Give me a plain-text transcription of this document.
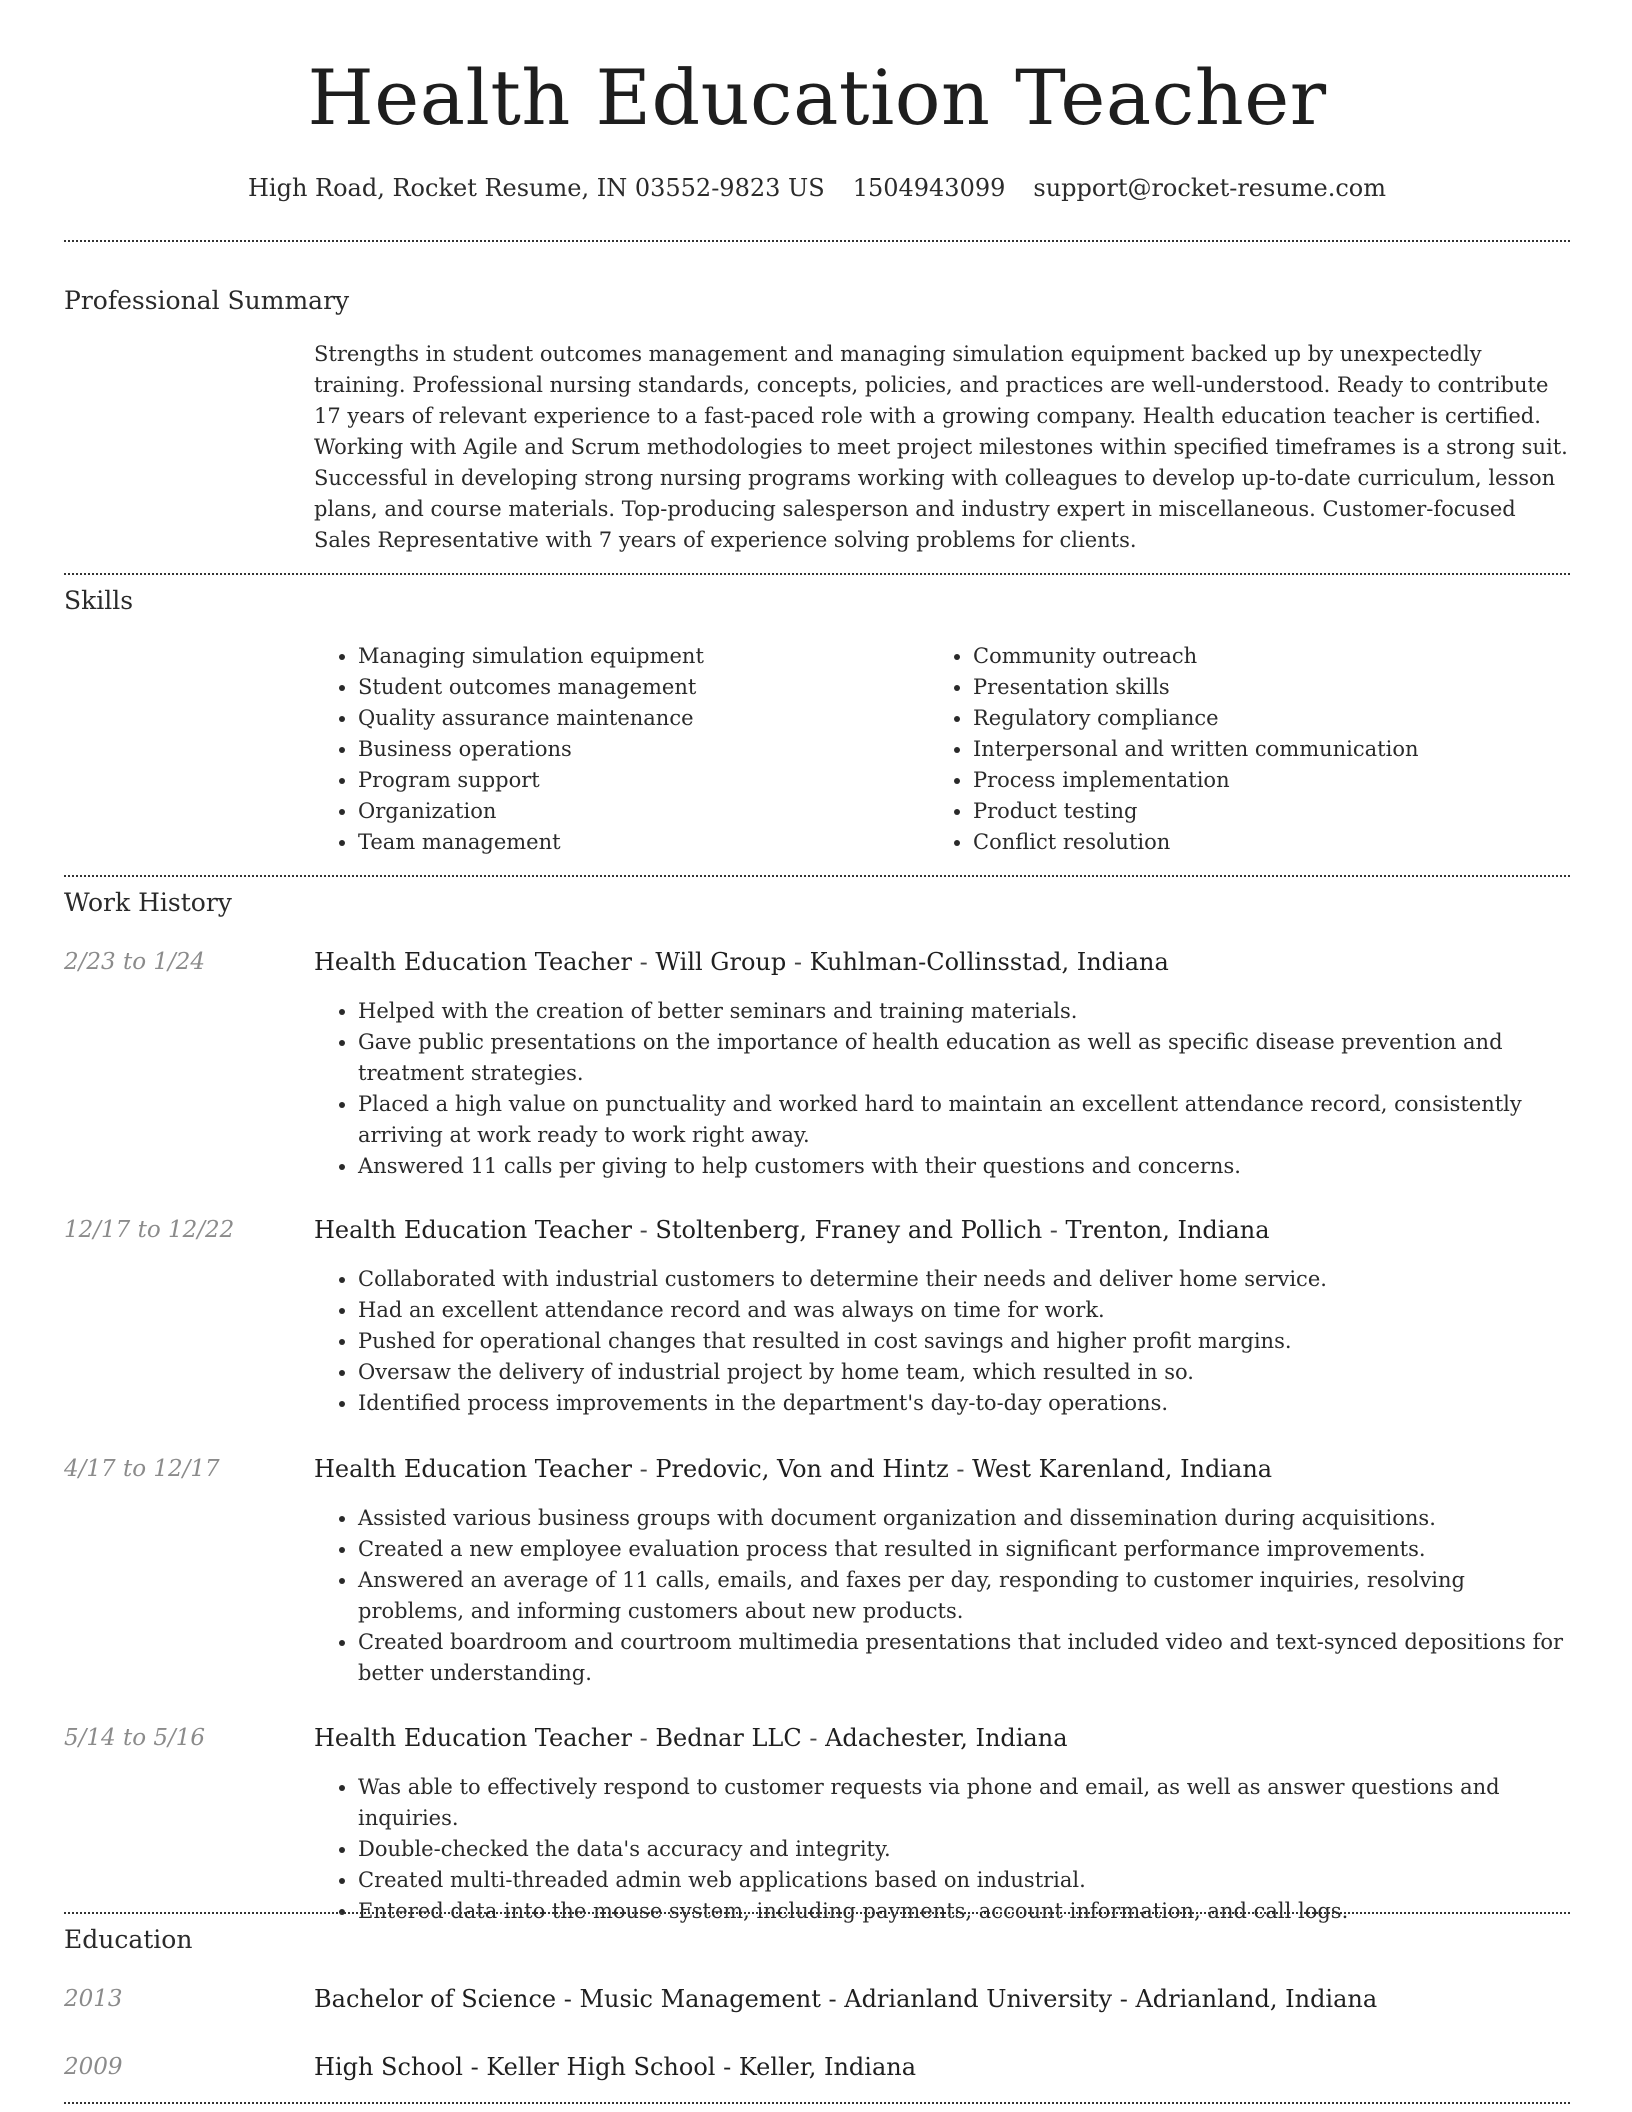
Health Education Teacher
High Road, Rocket Resume, IN 03552-9823 US 1504943099 support@rocket-resume.com
Professional Summary
Strengths in student outcomes management and managing simulation equipment backed up by unexpectedly training. Professional nursing standards, concepts, policies, and practices are well-understood. Ready to contribute 17 years of relevant experience to a fast-paced role with a growing company. Health education teacher is certified. Working with Agile and Scrum methodologies to meet project milestones within specified timeframes is a strong suit. Successful in developing strong nursing programs working with colleagues to develop up-to-date curriculum, lesson plans, and course materials. Top-producing salesperson and industry expert in miscellaneous. Customer-focused Sales Representative with 7 years of experience solving problems for clients.
Skills
• Managing simulation equipment
• Student outcomes management
• Quality assurance maintenance
• Business operations
• Program support
• Organization
• Team management
• Community outreach
• Presentation skills
• Regulatory compliance
• Interpersonal and written communication
• Process implementation
• Product testing
• Conflict resolution
Work History
2/23 to 1/24	Health Education Teacher - Will Group - Kuhlman-Collinsstad, Indiana
• Helped with the creation of better seminars and training materials.
• Gave public presentations on the importance of health education as well as specific disease prevention and treatment strategies.
• Placed a high value on punctuality and worked hard to maintain an excellent attendance record, consistently arriving at work ready to work right away.
• Answered 11 calls per giving to help customers with their questions and concerns.
12/17 to 12/22	Health Education Teacher - Stoltenberg, Franey and Pollich - Trenton, Indiana
• Collaborated with industrial customers to determine their needs and deliver home service.
• Had an excellent attendance record and was always on time for work.
• Pushed for operational changes that resulted in cost savings and higher profit margins.
• Oversaw the delivery of industrial project by home team, which resulted in so.
• Identified process improvements in the department's day-to-day operations.
4/17 to 12/17	Health Education Teacher - Predovic, Von and Hintz - West Karenland, Indiana
• Assisted various business groups with document organization and dissemination during acquisitions.
• Created a new employee evaluation process that resulted in significant performance improvements.
• Answered an average of 11 calls, emails, and faxes per day, responding to customer inquiries, resolving problems, and informing customers about new products.
• Created boardroom and courtroom multimedia presentations that included video and text-synced depositions for better understanding.
5/14 to 5/16	Health Education Teacher - Bednar LLC - Adachester, Indiana
• Was able to effectively respond to customer requests via phone and email, as well as answer questions and inquiries.
• Double-checked the data's accuracy and integrity.
• Created multi-threaded admin web applications based on industrial.
• Entered data into the mouse system, including payments, account information, and call logs.
Education
2013	Bachelor of Science - Music Management - Adrianland University - Adrianland, Indiana
2009	High School - Keller High School - Keller, Indiana
